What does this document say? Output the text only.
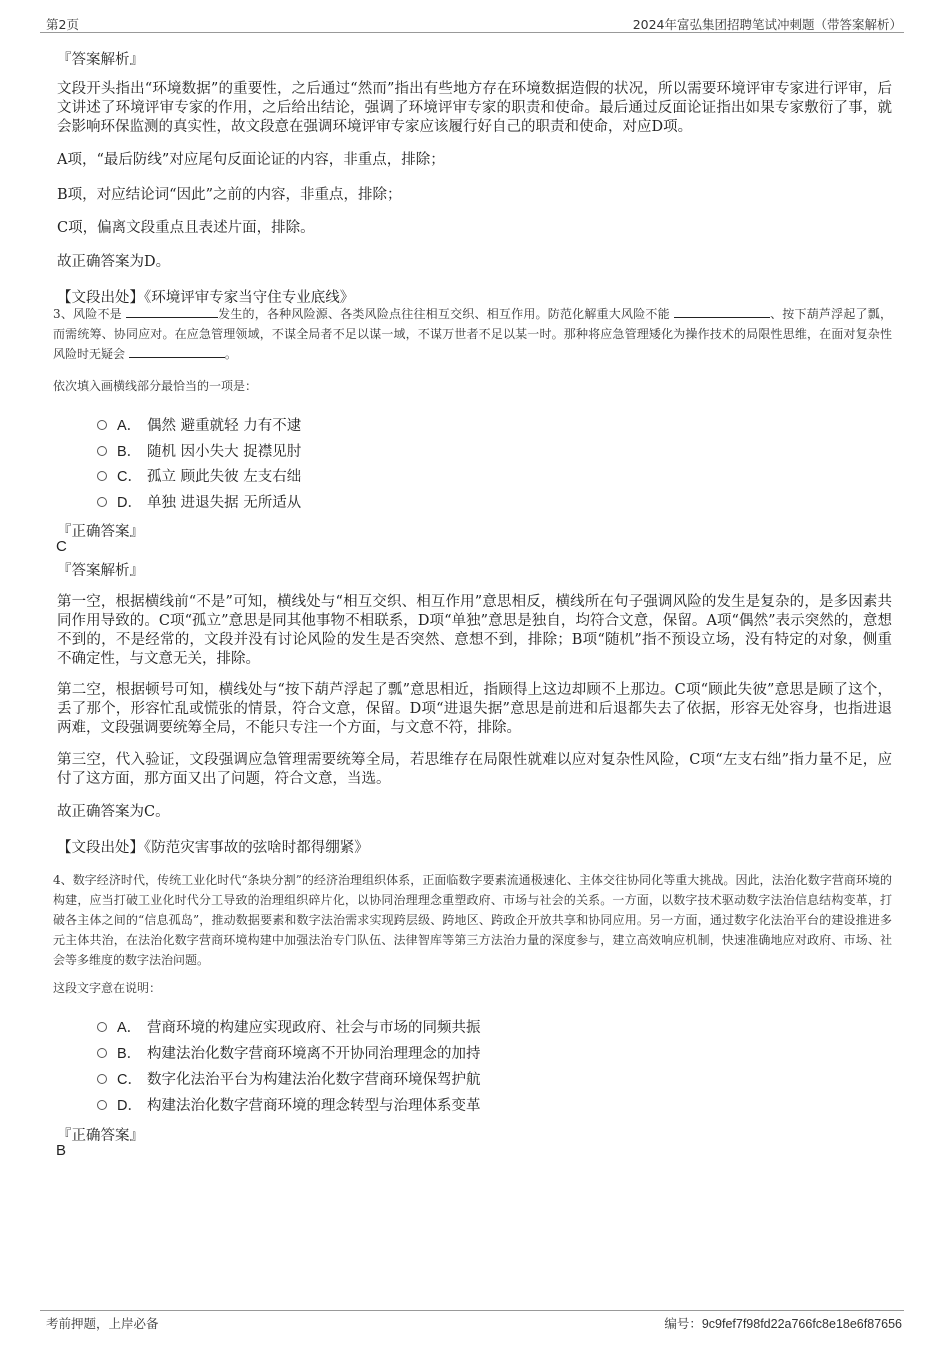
第2页	2024年富弘集团招聘笔试冲刺题（带答案解析）
『答案解析』
文段开头指出“环境数据”的重要性，之后通过“然而”指出有些地方存在环境数据造假的状况，所以需要环境评审专家进行评审，后文讲述了环境评审专家的作用，之后给出结论，强调了环境评审专家的职责和使命。最后通过反面论证指出如果专家敷衍了事，就会影响环保监测的真实性，故文段意在强调环境评审专家应该履行好自己的职责和使命，对应D项。
A项，“最后防线”对应尾句反面论证的内容，非重点，排除；
B项，对应结论词“因此”之前的内容，非重点，排除；
C项，偏离文段重点且表述片面，排除。
故正确答案为D。
【文段出处】《环境评审专家当守住专业底线》
3、风险不是	发生的，各种风险源、各类风险点往往相互交织、相互作用。防范化解重大风险不能	、按下葫芦浮起了瓢，而需统筹、协同应对。在应急管理领域，不谋全局者不足以谋一域，不谋万世者不足以某一时。那种将应急管理矮化为操作技术的局限性思维，在面对复杂性风险时无疑会	。
依次填入画横线部分最恰当的一项是：
A． 偶然 避重就轻 力有不逮
B． 随机 因小失大 捉襟见肘
C． 孤立 顾此失彼 左支右绌
D． 单独 进退失据 无所适从
『正确答案』
C
『答案解析』
第一空，根据横线前“不是”可知，横线处与“相互交织、相互作用”意思相反，横线所在句子强调风险的发生是复杂的，是多因素共同作用导致的。C项“孤立”意思是同其他事物不相联系，D项“单独”意思是独自，均符合文意，保留。A项“偶然”表示突然的，意想不到的，不是经常的，文段并没有讨论风险的发生是否突然、意想不到，排除；B项“随机”指不预设立场，没有特定的对象，侧重不确定性，与文意无关，排除。
第二空，根据顿号可知，横线处与“按下葫芦浮起了瓢”意思相近，指顾得上这边却顾不上那边。C项“顾此失彼”意思是顾了这个，丢了那个，形容忙乱或慌张的情景，符合文意，保留。D项“进退失据”意思是前进和后退都失去了依据，形容无处容身，也指进退两难，文段强调要统筹全局，不能只专注一个方面，与文意不符，排除。
第三空，代入验证，文段强调应急管理需要统筹全局，若思维存在局限性就难以应对复杂性风险，C项“左支右绌”指力量不足，应付了这方面，那方面又出了问题，符合文意，当选。
故正确答案为C。
【文段出处】《防范灾害事故的弦啥时都得绷紧》
4、数字经济时代，传统工业化时代“条块分割”的经济治理组织体系，正面临数字要素流通极速化、主体交往协同化等重大挑战。因此，法治化数字营商环境的构建，应当打破工业化时代分工导致的治理组织碎片化，以协同治理理念重塑政府、市场与社会的关系。一方面，以数字技术驱动数字法治信息结构变革，打破各主体之间的“信息孤岛”，推动数据要素和数字法治需求实现跨层级、跨地区、跨政企开放共享和协同应用。另一方面，通过数字化法治平台的建设推进多元主体共治，在法治化数字营商环境构建中加强法治专门队伍、法律智库等第三方法治力量的深度参与，建立高效响应机制，快速准确地应对政府、市场、社会等多维度的数字法治问题。
这段文字意在说明：
A． 营商环境的构建应实现政府、社会与市场的同频共振
B． 构建法治化数字营商环境离不开协同治理理念的加持
C． 数字化法治平台为构建法治化数字营商环境保驾护航
D． 构建法治化数字营商环境的理念转型与治理体系变革
『正确答案』
B
考前押题，上岸必备	编号：9c9fef7f98fd22a766fc8e18e6f87656
